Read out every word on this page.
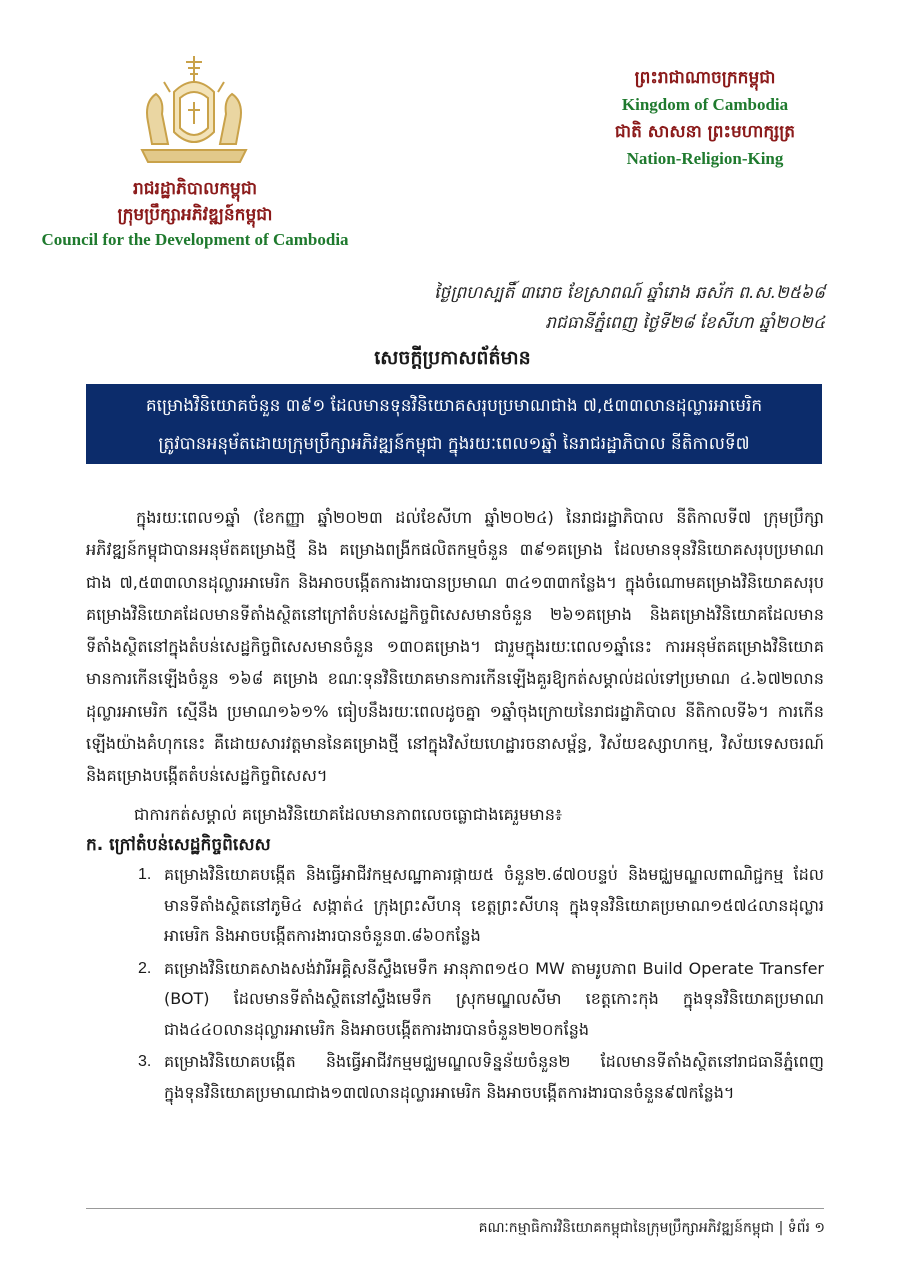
រាជរដ្ឋាភិបាលកម្ពុជា
ក្រុមប្រឹក្សាអភិវឌ្ឍន៍កម្ពុជា
Council for the Development of Cambodia
ព្រះរាជាណាចក្រកម្ពុជា
Kingdom of Cambodia
ជាតិ សាសនា ព្រះមហាក្សត្រ
Nation-Religion-King
ថ្ងៃព្រហស្បតិ៍ ៣រោច ខែស្រាពណ៍ ឆ្នាំរោង ឆស័ក ព.ស.២៥៦៨
រាជធានីភ្នំពេញ ថ្ងៃទី២៨ ខែសីហា ឆ្នាំ២០២៤
សេចក្តីប្រកាសព័ត៌មាន
គម្រោងវិនិយោគចំនួន ៣៩១ ដែលមានទុនវិនិយោគសរុបប្រមាណជាង ៧,៥៣៣លានដុល្លារអាមេរិក
ត្រូវបានអនុម័តដោយក្រុមប្រឹក្សាអភិវឌ្ឍន៍កម្ពុជា ក្នុងរយៈពេល១ឆ្នាំ នៃរាជរដ្ឋាភិបាល នីតិកាលទី៧
ក្នុងរយៈពេល១ឆ្នាំ (ខែកញ្ញា ឆ្នាំ២០២៣ ដល់ខែសីហា ឆ្នាំ២០២៤) នៃរាជរដ្ឋាភិបាល នីតិកាលទី៧ ក្រុមប្រឹក្សាអភិវឌ្ឍន៍កម្ពុជាបានអនុម័តគម្រោងថ្មី និង គម្រោងពង្រីកផលិតកម្មចំនួន ៣៩១គម្រោង ដែលមានទុនវិនិយោគសរុបប្រមាណជាង ៧,៥៣៣លានដុល្លារអាមេរិក និងអាចបង្កើតការងារបានប្រមាណ ៣៤១៣៣កន្លែង។ ក្នុងចំណោមគម្រោងវិនិយោគសរុប គម្រោងវិនិយោគដែលមានទីតាំងស្ថិតនៅក្រៅតំបន់សេដ្ឋកិច្ចពិសេសមានចំនួន ២៦១គម្រោង និងគម្រោងវិនិយោគដែលមានទីតាំងស្ថិតនៅក្នុងតំបន់សេដ្ឋកិច្ចពិសេសមានចំនួន ១៣០គម្រោង។ ជារួមក្នុងរយៈពេល១ឆ្នាំនេះ ការអនុម័តគម្រោងវិនិយោគមានការកើនឡើងចំនួន ១៦៨ គម្រោង ខណៈទុនវិនិយោគមានការកើនឡើងគួរឱ្យកត់សម្គាល់ដល់ទៅប្រមាណ ៤.៦៧២លានដុល្លារអាមេរិក ស្មើនឹង ប្រមាណ១៦១% ធៀបនឹងរយៈពេលដូចគ្នា ១ឆ្នាំចុងក្រោយនៃរាជរដ្ឋាភិបាល នីតិកាលទី៦។ ការកើនឡើងយ៉ាងគំហុកនេះ គឺដោយសារវត្តមាននៃគម្រោងថ្មី នៅក្នុងវិស័យហេដ្ឋារចនាសម្ព័ន្ធ, វិស័យឧស្សាហកម្ម, វិស័យទេសចរណ៍ និងគម្រោងបង្កើតតំបន់សេដ្ឋកិច្ចពិសេស។
ជាការកត់សម្គាល់ គម្រោងវិនិយោគដែលមានភាពលេចធ្លោជាងគេរួមមាន៖
ក. ក្រៅតំបន់សេដ្ឋកិច្ចពិសេស
1. គម្រោងវិនិយោគបង្កើត និងធ្វើអាជីវកម្មសណ្ឋាគារផ្កាយ៥ ចំនួន២.៨៧០បន្ទប់ និងមជ្ឈមណ្ឌលពាណិជ្ជកម្ម ដែលមានទីតាំងស្ថិតនៅភូមិ៤ សង្កាត់៤ ក្រុងព្រះសីហនុ ខេត្តព្រះសីហនុ ក្នុងទុនវិនិយោគប្រមាណ១៥៧៤លានដុល្លារអាមេរិក និងអាចបង្កើតការងារបានចំនួន៣.៨៦០កន្លែង
2. គម្រោងវិនិយោគសាងសង់វារីអគ្គិសនីស្ទឹងមេទឹក អានុភាព១៥០ MW តាមរូបភាព Build Operate Transfer (BOT) ដែលមានទីតាំងស្ថិតនៅស្ទឹងមេទឹក ស្រុកមណ្ឌលសីមា ខេត្តកោះកុង ក្នុងទុនវិនិយោគប្រមាណជាង៤៤០លានដុល្លារអាមេរិក និងអាចបង្កើតការងារបានចំនួន២២០កន្លែង
3. គម្រោងវិនិយោគបង្កើត និងធ្វើអាជីវកម្មមជ្ឈមណ្ឌលទិន្នន័យចំនួន២ ដែលមានទីតាំងស្ថិតនៅរាជធានីភ្នំពេញ ក្នុងទុនវិនិយោគប្រមាណជាង១៣៧លានដុល្លារអាមេរិក និងអាចបង្កើតការងារបានចំនួន៩៧កន្លែង។
គណៈកម្មាធិការវិនិយោគកម្ពុជានៃក្រុមប្រឹក្សាអភិវឌ្ឍន៍កម្ពុជា | ទំព័រ ១
